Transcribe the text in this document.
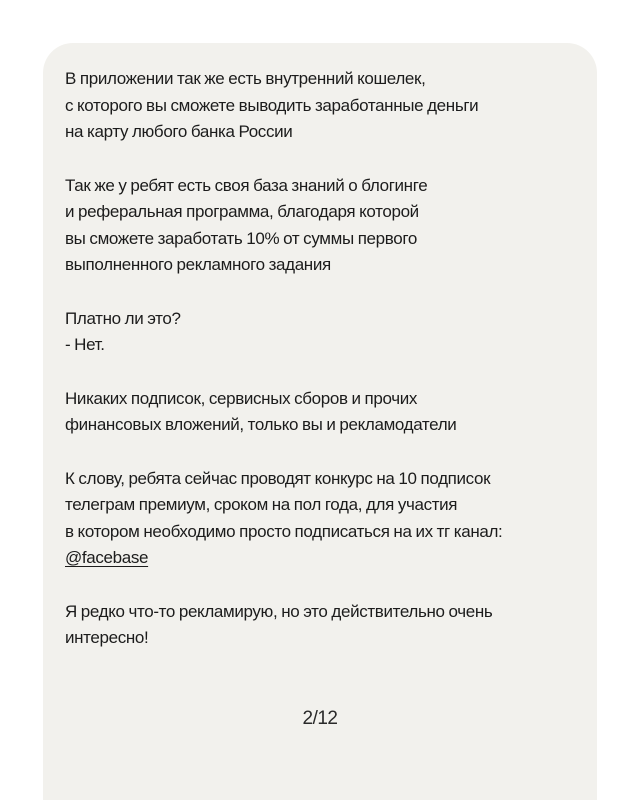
В приложении так же есть внутренний кошелек,
с которого вы сможете выводить заработанные деньги
на карту любого банка России

Так же у ребят есть своя база знаний о блогинге
и реферальная программа, благодаря которой
вы сможете заработать 10% от суммы первого
выполненного рекламного задания

Платно ли это?
- Нет.

Никаких подписок, сервисных сборов и прочих
финансовых вложений, только вы и рекламодатели

К слову, ребята сейчас проводят конкурс на 10 подписок
телеграм премиум, сроком на пол года, для участия
в котором необходимо просто подписаться на их тг канал:
@facebase

Я редко что-то рекламирую, но это действительно очень
интересно!

2/12
